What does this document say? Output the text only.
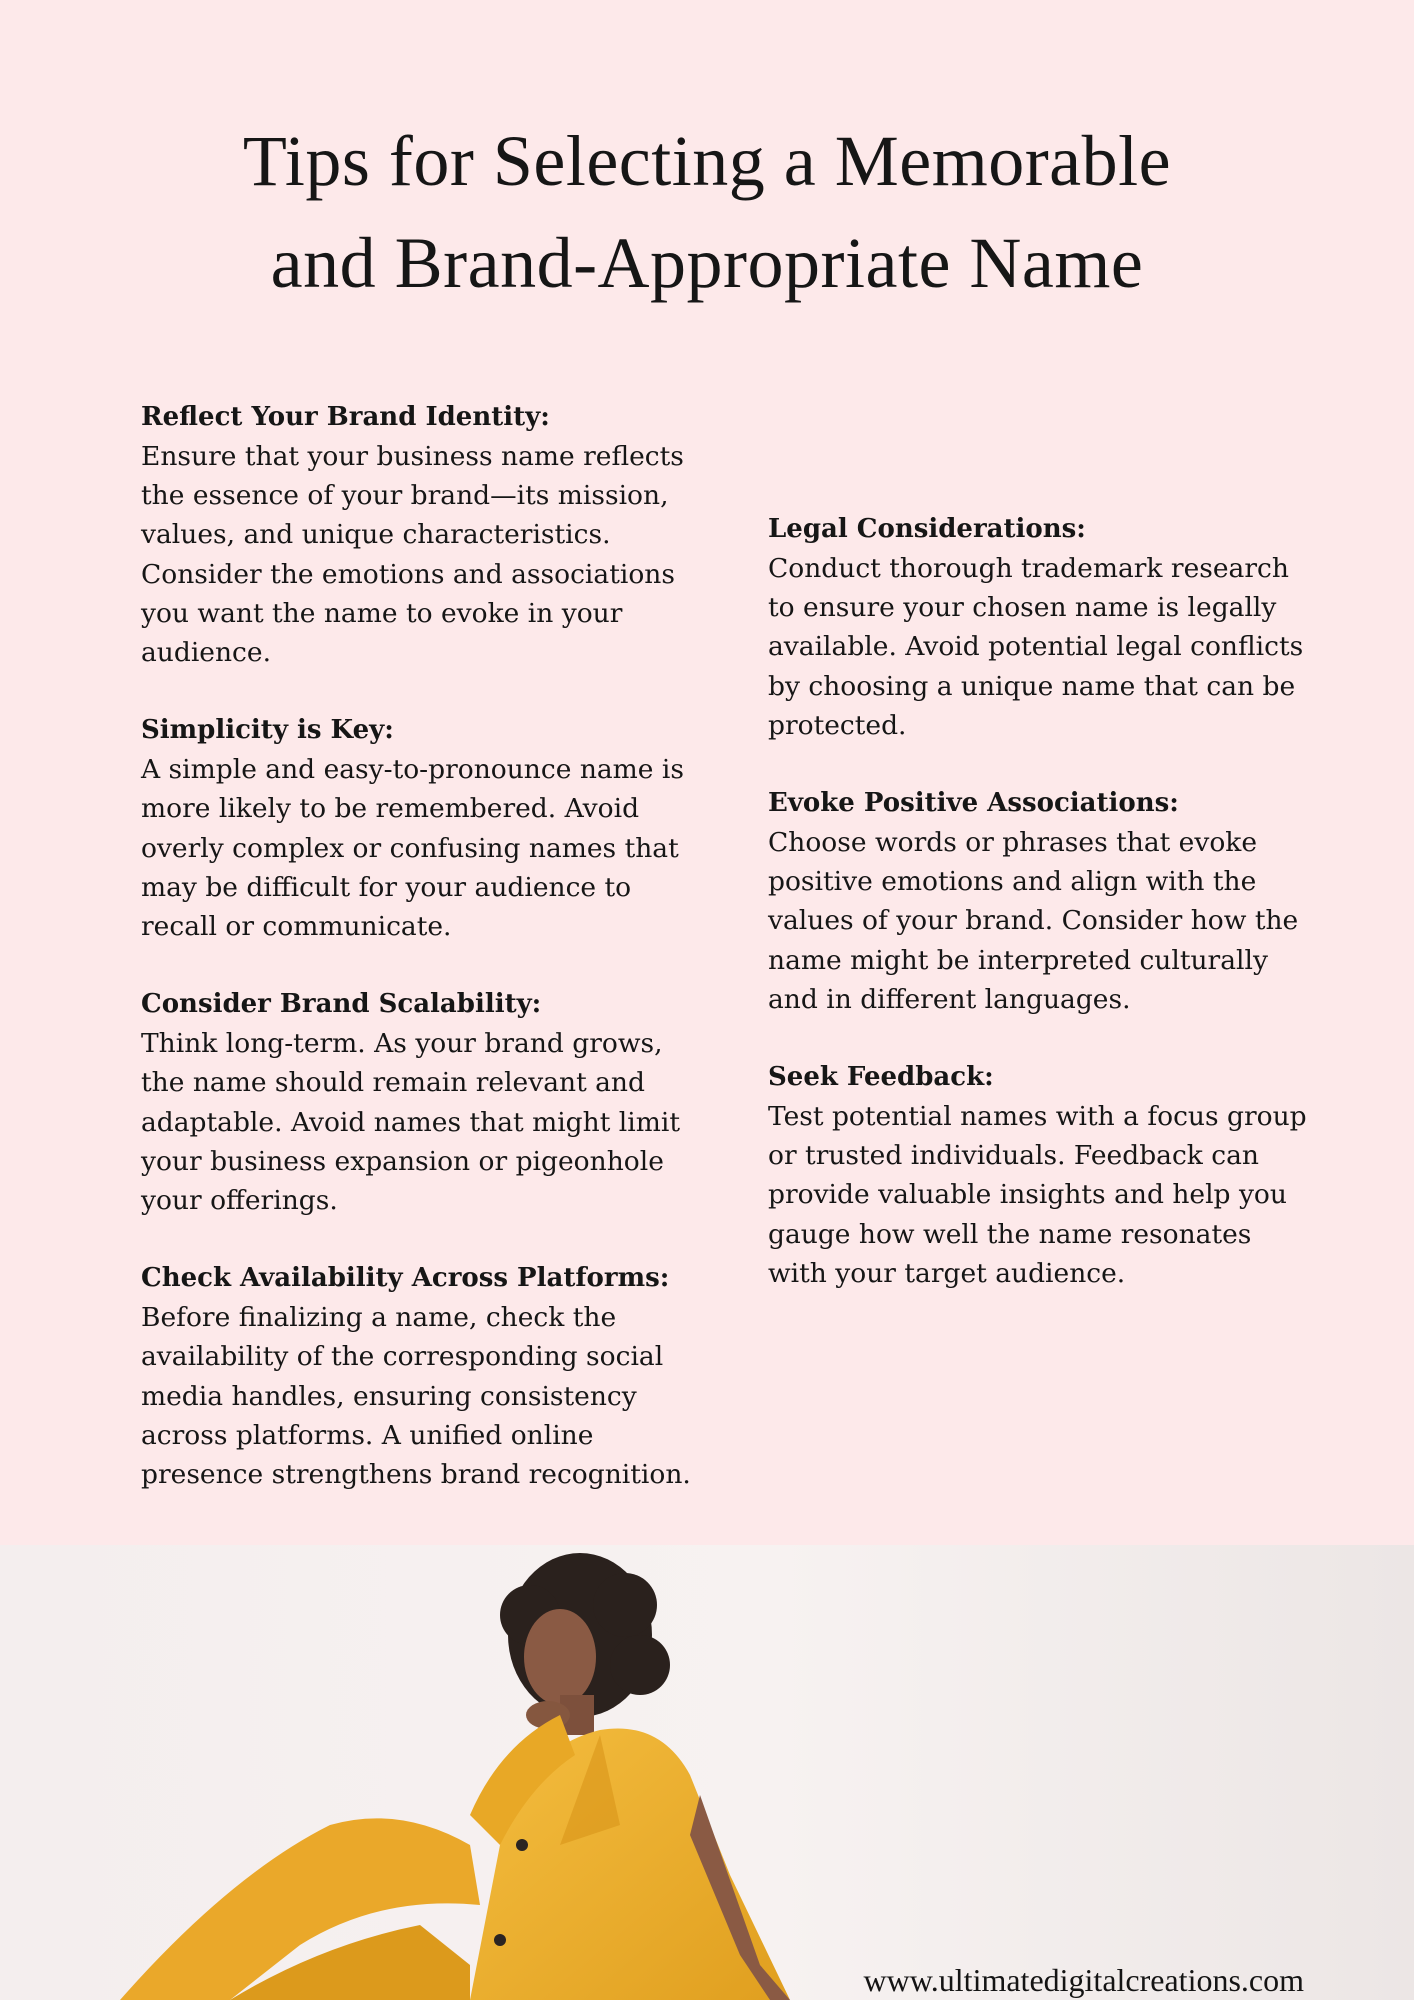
Tips for Selecting a Memorable
and Brand-Appropriate Name
Reflect Your Brand Identity:
Ensure that your business name reflects the essence of your brand—its mission, values, and unique characteristics. Consider the emotions and associations you want the name to evoke in your audience.
Simplicity is Key:
A simple and easy-to-pronounce name is more likely to be remembered. Avoid overly complex or confusing names that may be difficult for your audience to recall or communicate.
Consider Brand Scalability:
Think long-term. As your brand grows, the name should remain relevant and adaptable. Avoid names that might limit your business expansion or pigeonhole your offerings.
Check Availability Across Platforms:
Before finalizing a name, check the availability of the corresponding social media handles, ensuring consistency across platforms. A unified online presence strengthens brand recognition.
Legal Considerations:
Conduct thorough trademark research to ensure your chosen name is legally available. Avoid potential legal conflicts by choosing a unique name that can be protected.
Evoke Positive Associations:
Choose words or phrases that evoke positive emotions and align with the values of your brand. Consider how the name might be interpreted culturally and in different languages.
Seek Feedback:
Test potential names with a focus group or trusted individuals. Feedback can provide valuable insights and help you gauge how well the name resonates with your target audience.
www.ultimatedigitalcreations.com
